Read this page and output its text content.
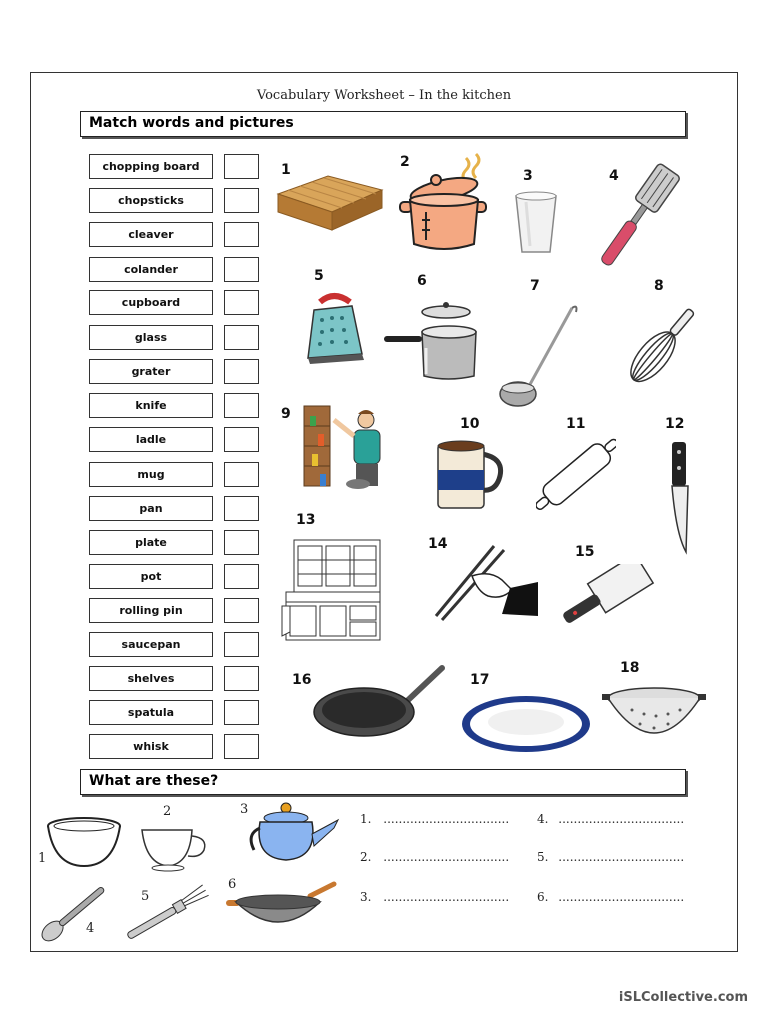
Vocabulary Worksheet – In the kitchen
Match words and pictures
chopping board
chopsticks
cleaver
colander
cupboard
glass
grater
knife
ladle
mug
pan
plate
pot
rolling pin
saucepan
shelves
spatula
whisk
1	2
3	4
5	6	7	8
9
10	11	12
13
14	15
16	17
18
What are these?
1
2	3
4
5
6
1. .................................
2. .................................
3. .................................
4. .................................
5. .................................
6. .................................
iSLCollective.com
